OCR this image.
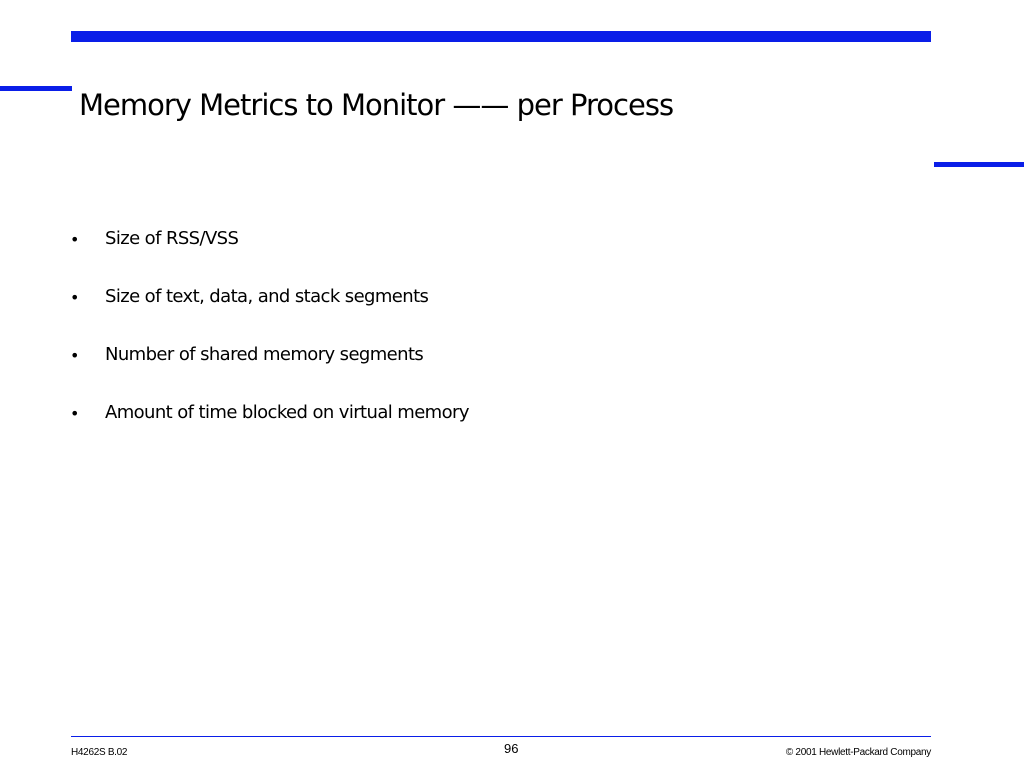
Memory Metrics to Monitor —— per Process
• Size of RSS/VSS
• Size of text, data, and stack segments
• Number of shared memory segments
• Amount of time blocked on virtual memory
H4262S B.02	96	© 2001 Hewlett-Packard Company
